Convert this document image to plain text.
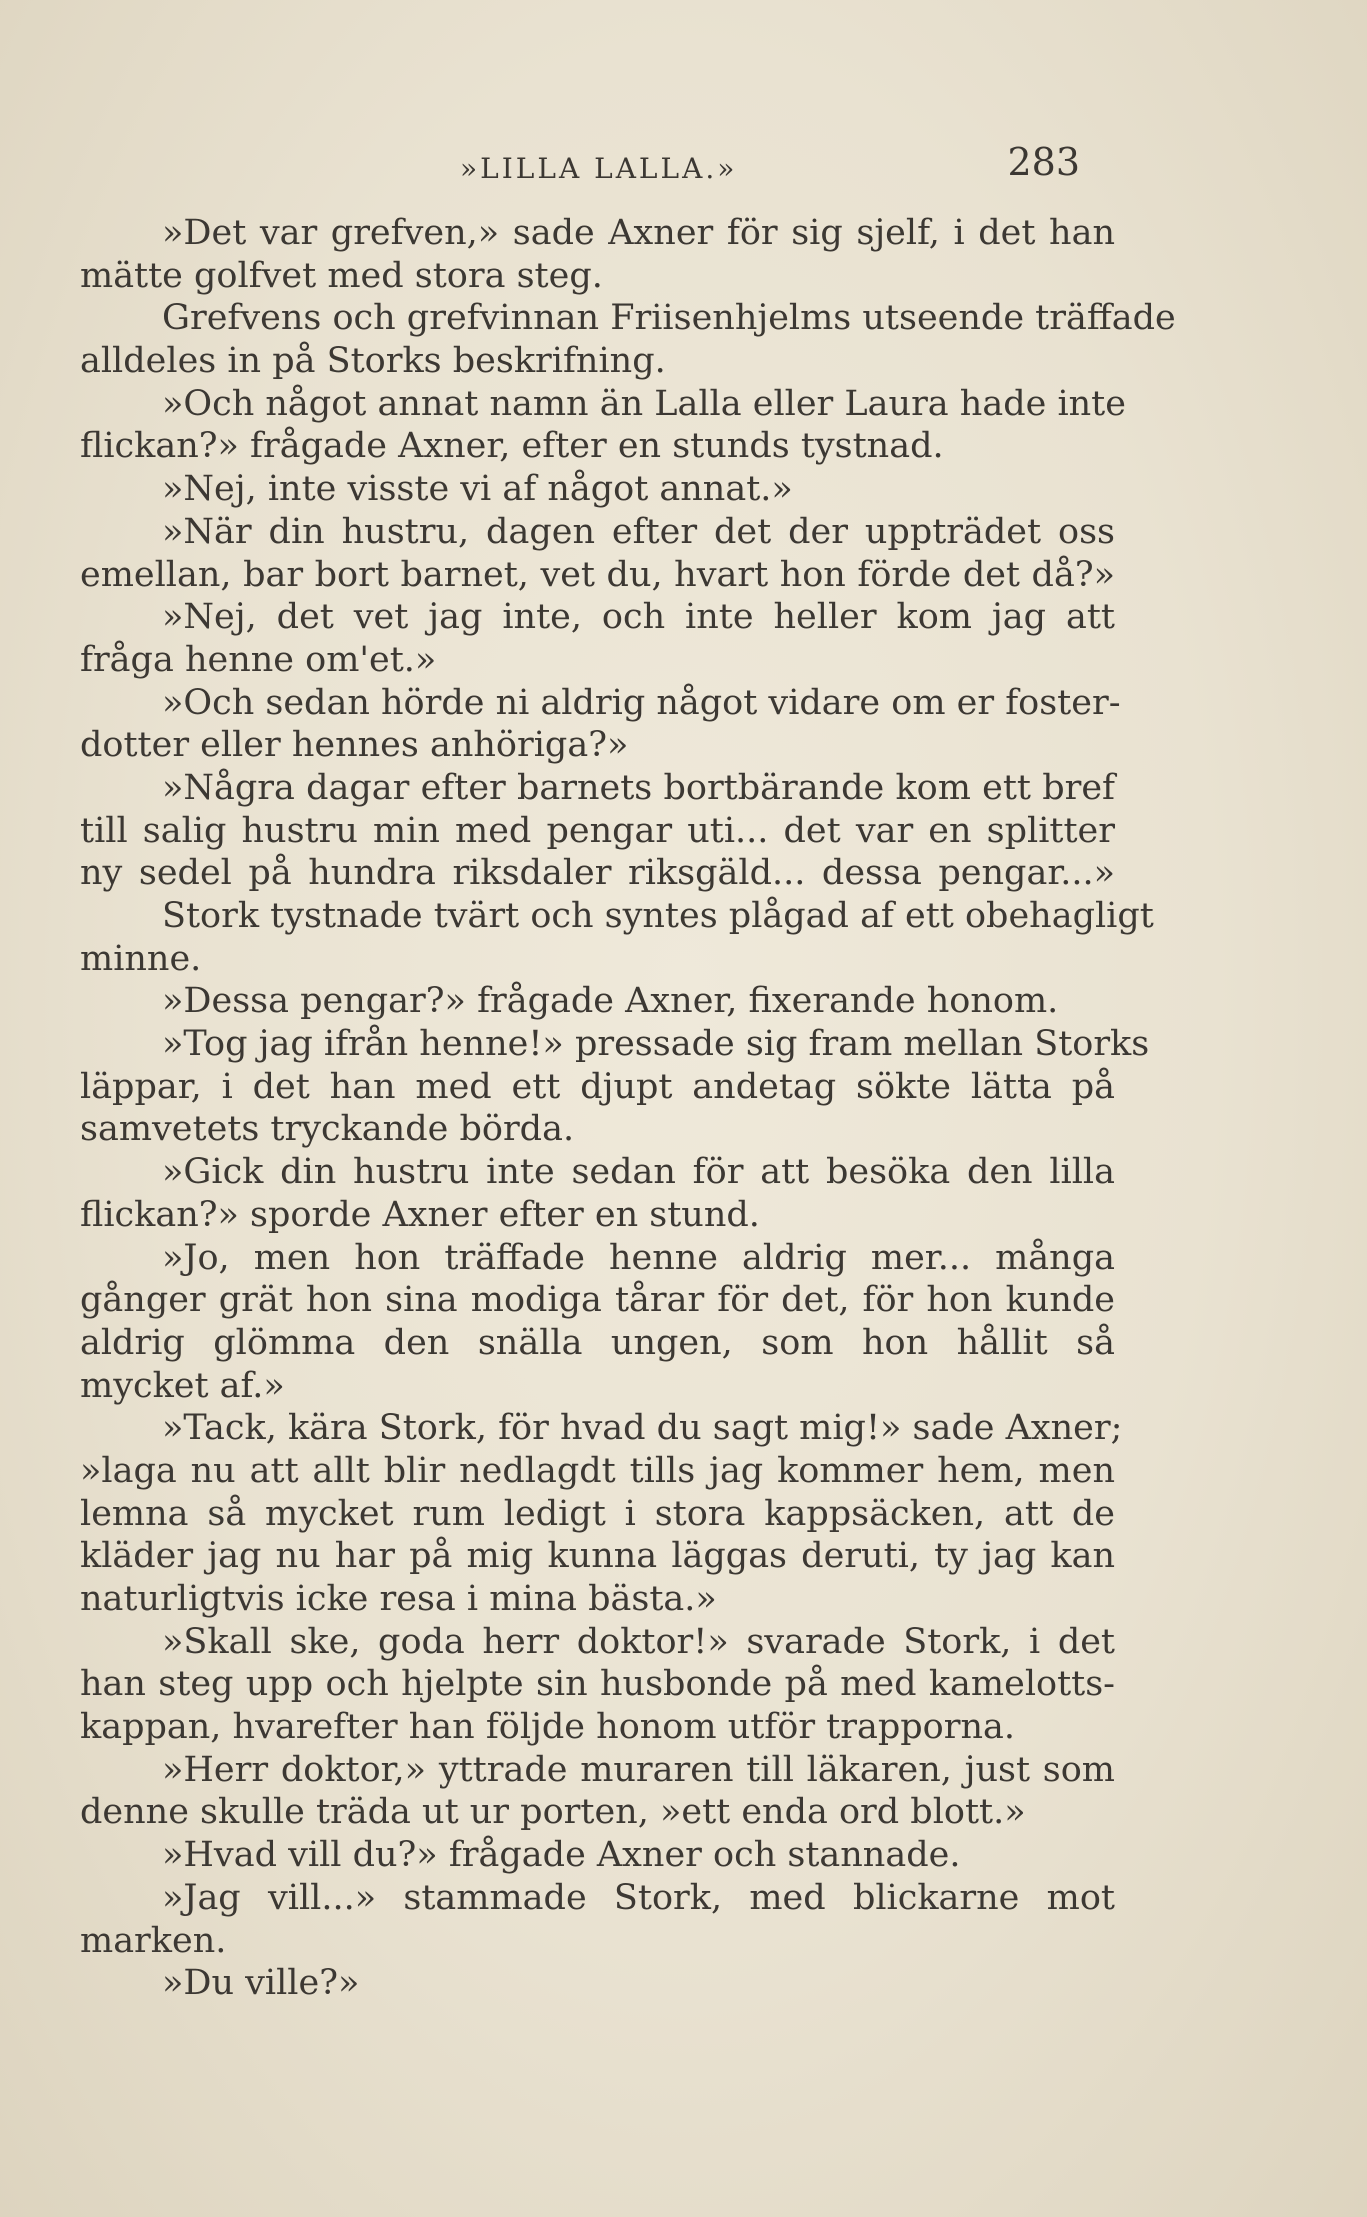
»LILLA LALLA.»	283
»Det var grefven,» sade Axner för sig sjelf, i det han
mätte golfvet med stora steg.
Grefvens och grefvinnan Friisenhjelms utseende träffade
alldeles in på Storks beskrifning.
»Och något annat namn än Lalla eller Laura hade inte
flickan?» frågade Axner, efter en stunds tystnad.
»Nej, inte visste vi af något annat.»
»När din hustru, dagen efter det der uppträdet oss
emellan, bar bort barnet, vet du, hvart hon förde det då?»
»Nej, det vet jag inte, och inte heller kom jag att
fråga henne om'et.»
»Och sedan hörde ni aldrig något vidare om er foster-
dotter eller hennes anhöriga?»
»Några dagar efter barnets bortbärande kom ett bref
till salig hustru min med pengar uti... det var en splitter
ny sedel på hundra riksdaler riksgäld... dessa pengar...»
Stork tystnade tvärt och syntes plågad af ett obehagligt
minne.
»Dessa pengar?» frågade Axner, fixerande honom.
»Tog jag ifrån henne!» pressade sig fram mellan Storks
läppar, i det han med ett djupt andetag sökte lätta på
samvetets tryckande börda.
»Gick din hustru inte sedan för att besöka den lilla
flickan?» sporde Axner efter en stund.
»Jo, men hon träffade henne aldrig mer... många
gånger grät hon sina modiga tårar för det, för hon kunde
aldrig glömma den snälla ungen, som hon hållit så
mycket af.»
»Tack, kära Stork, för hvad du sagt mig!» sade Axner;
»laga nu att allt blir nedlagdt tills jag kommer hem, men
lemna så mycket rum ledigt i stora kappsäcken, att de
kläder jag nu har på mig kunna läggas deruti, ty jag kan
naturligtvis icke resa i mina bästa.»
»Skall ske, goda herr doktor!» svarade Stork, i det
han steg upp och hjelpte sin husbonde på med kamelotts-
kappan, hvarefter han följde honom utför trapporna.
»Herr doktor,» yttrade muraren till läkaren, just som
denne skulle träda ut ur porten, »ett enda ord blott.»
»Hvad vill du?» frågade Axner och stannade.
»Jag vill...» stammade Stork, med blickarne mot
marken.
»Du ville?»
